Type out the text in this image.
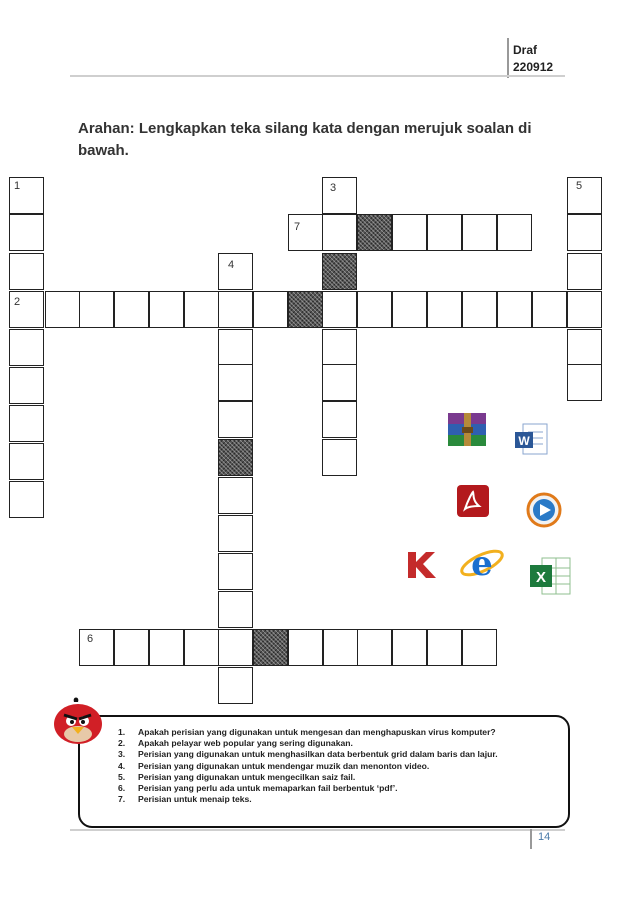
Draf
220912
Arahan: Lengkapkan teka silang kata dengan merujuk soalan di bawah.
1
2
3
4
5
6
7
W
e	X
1. Apakah perisian yang digunakan untuk mengesan dan menghapuskan virus komputer?
2. Apakah pelayar web popular yang sering digunakan.
3. Perisian yang digunakan untuk menghasilkan data berbentuk grid dalam baris dan lajur.
4. Perisian yang digunakan untuk mendengar muzik dan menonton video.
5. Perisian yang digunakan untuk mengecilkan saiz fail.
6. Perisian yang perlu ada untuk memaparkan fail berbentuk ‘pdf’.
7. Perisian untuk menaip teks.
14
